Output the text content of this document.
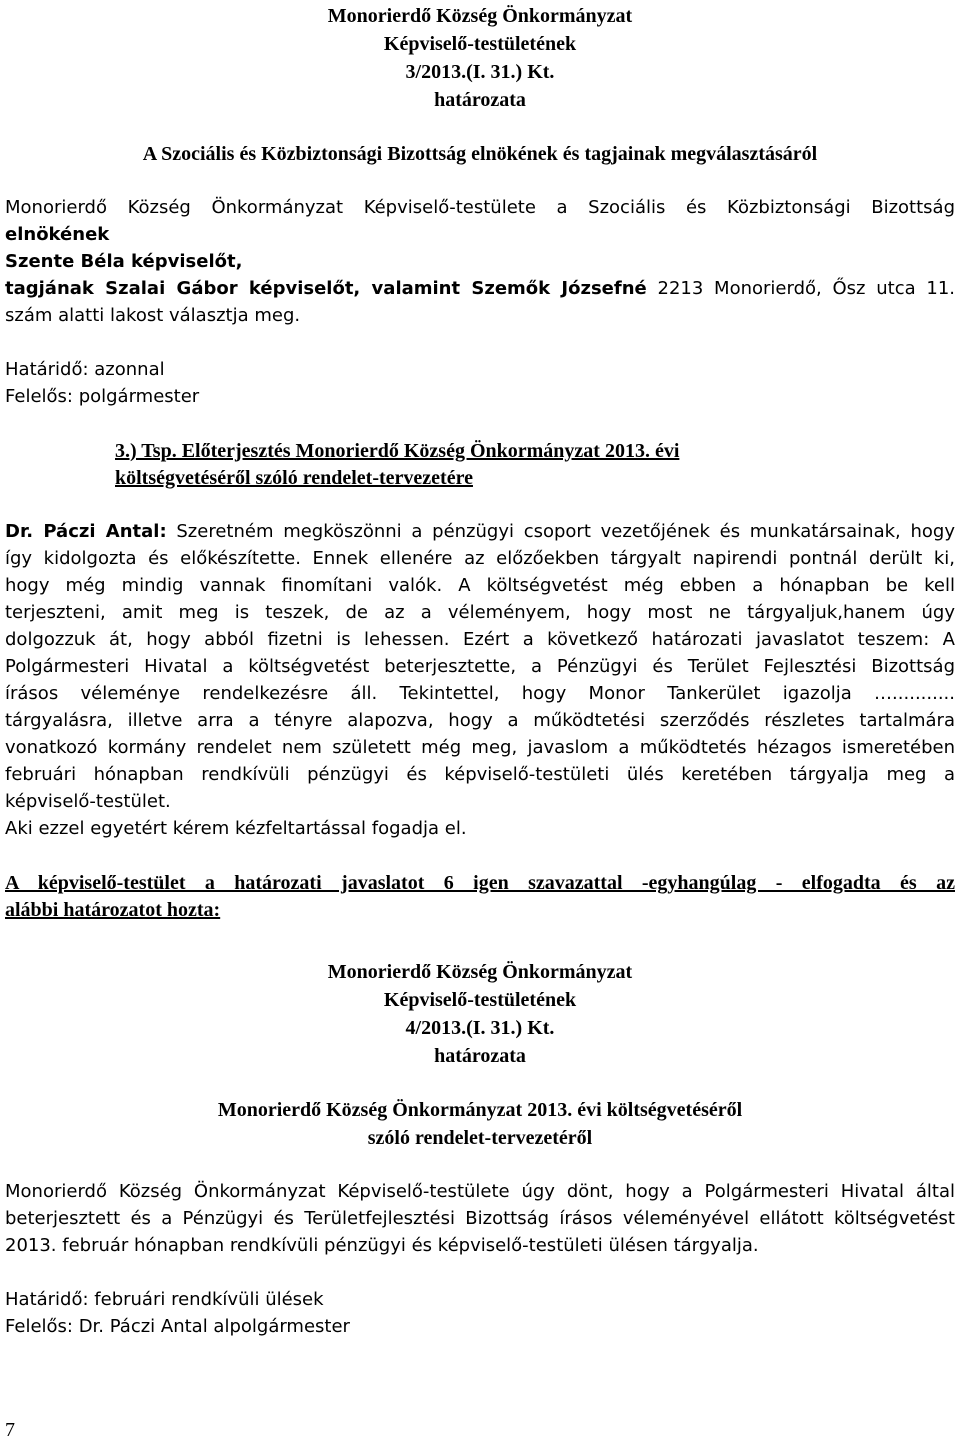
Monorierdő Község Önkormányzat
Képviselő-testületének
3/2013.(I. 31.) Kt.
határozata
A Szociális és Közbiztonsági Bizottság elnökének és tagjainak megválasztásáról
Monorierdő Község Önkormányzat Képviselő-testülete a Szociális és Közbiztonsági Bizottság
elnökének
Szente Béla képviselőt,
tagjának Szalai Gábor képviselőt, valamint Szemők Józsefné 2213 Monorierdő, Ősz utca 11.
szám alatti lakost választja meg.
Határidő: azonnal
Felelős: polgármester
3.) Tsp. Előterjesztés Monorierdő Község Önkormányzat 2013. évi
költségvetéséről szóló rendelet-tervezetére
Dr. Páczi Antal: Szeretném megköszönni a pénzügyi csoport vezetőjének és munkatársainak, hogy
így kidolgozta és előkészítette. Ennek ellenére az előzőekben tárgyalt napirendi pontnál derült ki,
hogy még mindig vannak finomítani valók. A költségvetést még ebben a hónapban be kell
terjeszteni, amit meg is teszek, de az a véleményem, hogy most ne tárgyaljuk,hanem úgy
dolgozzuk át, hogy abból fizetni is lehessen. Ezért a következő határozati javaslatot teszem: A
Polgármesteri Hivatal a költségvetést beterjesztette, a Pénzügyi és Terület Fejlesztési Bizottság
írásos véleménye rendelkezésre áll. Tekintettel, hogy Monor Tankerület igazolja …...........
tárgyalásra, illetve arra a tényre alapozva, hogy a működtetési szerződés részletes tartalmára
vonatkozó kormány rendelet nem született még meg, javaslom a működtetés hézagos ismeretében
februári hónapban rendkívüli pénzügyi és képviselő-testületi ülés keretében tárgyalja meg a
képviselő-testület.
Aki ezzel egyetért kérem kézfeltartással fogadja el.
A képviselő-testület a határozati javaslatot 6 igen szavazattal -egyhangúlag - elfogadta és az
alábbi határozatot hozta:
Monorierdő Község Önkormányzat
Képviselő-testületének
4/2013.(I. 31.) Kt.
határozata
Monorierdő Község Önkormányzat 2013. évi költségvetéséről
szóló rendelet-tervezetéről
Monorierdő Község Önkormányzat Képviselő-testülete úgy dönt, hogy a Polgármesteri Hivatal által
beterjesztett és a Pénzügyi és Területfejlesztési Bizottság írásos véleményével ellátott költségvetést
2013. február hónapban rendkívüli pénzügyi és képviselő-testületi ülésen tárgyalja.
Határidő: februári rendkívüli ülések
Felelős: Dr. Páczi Antal alpolgármester
7
